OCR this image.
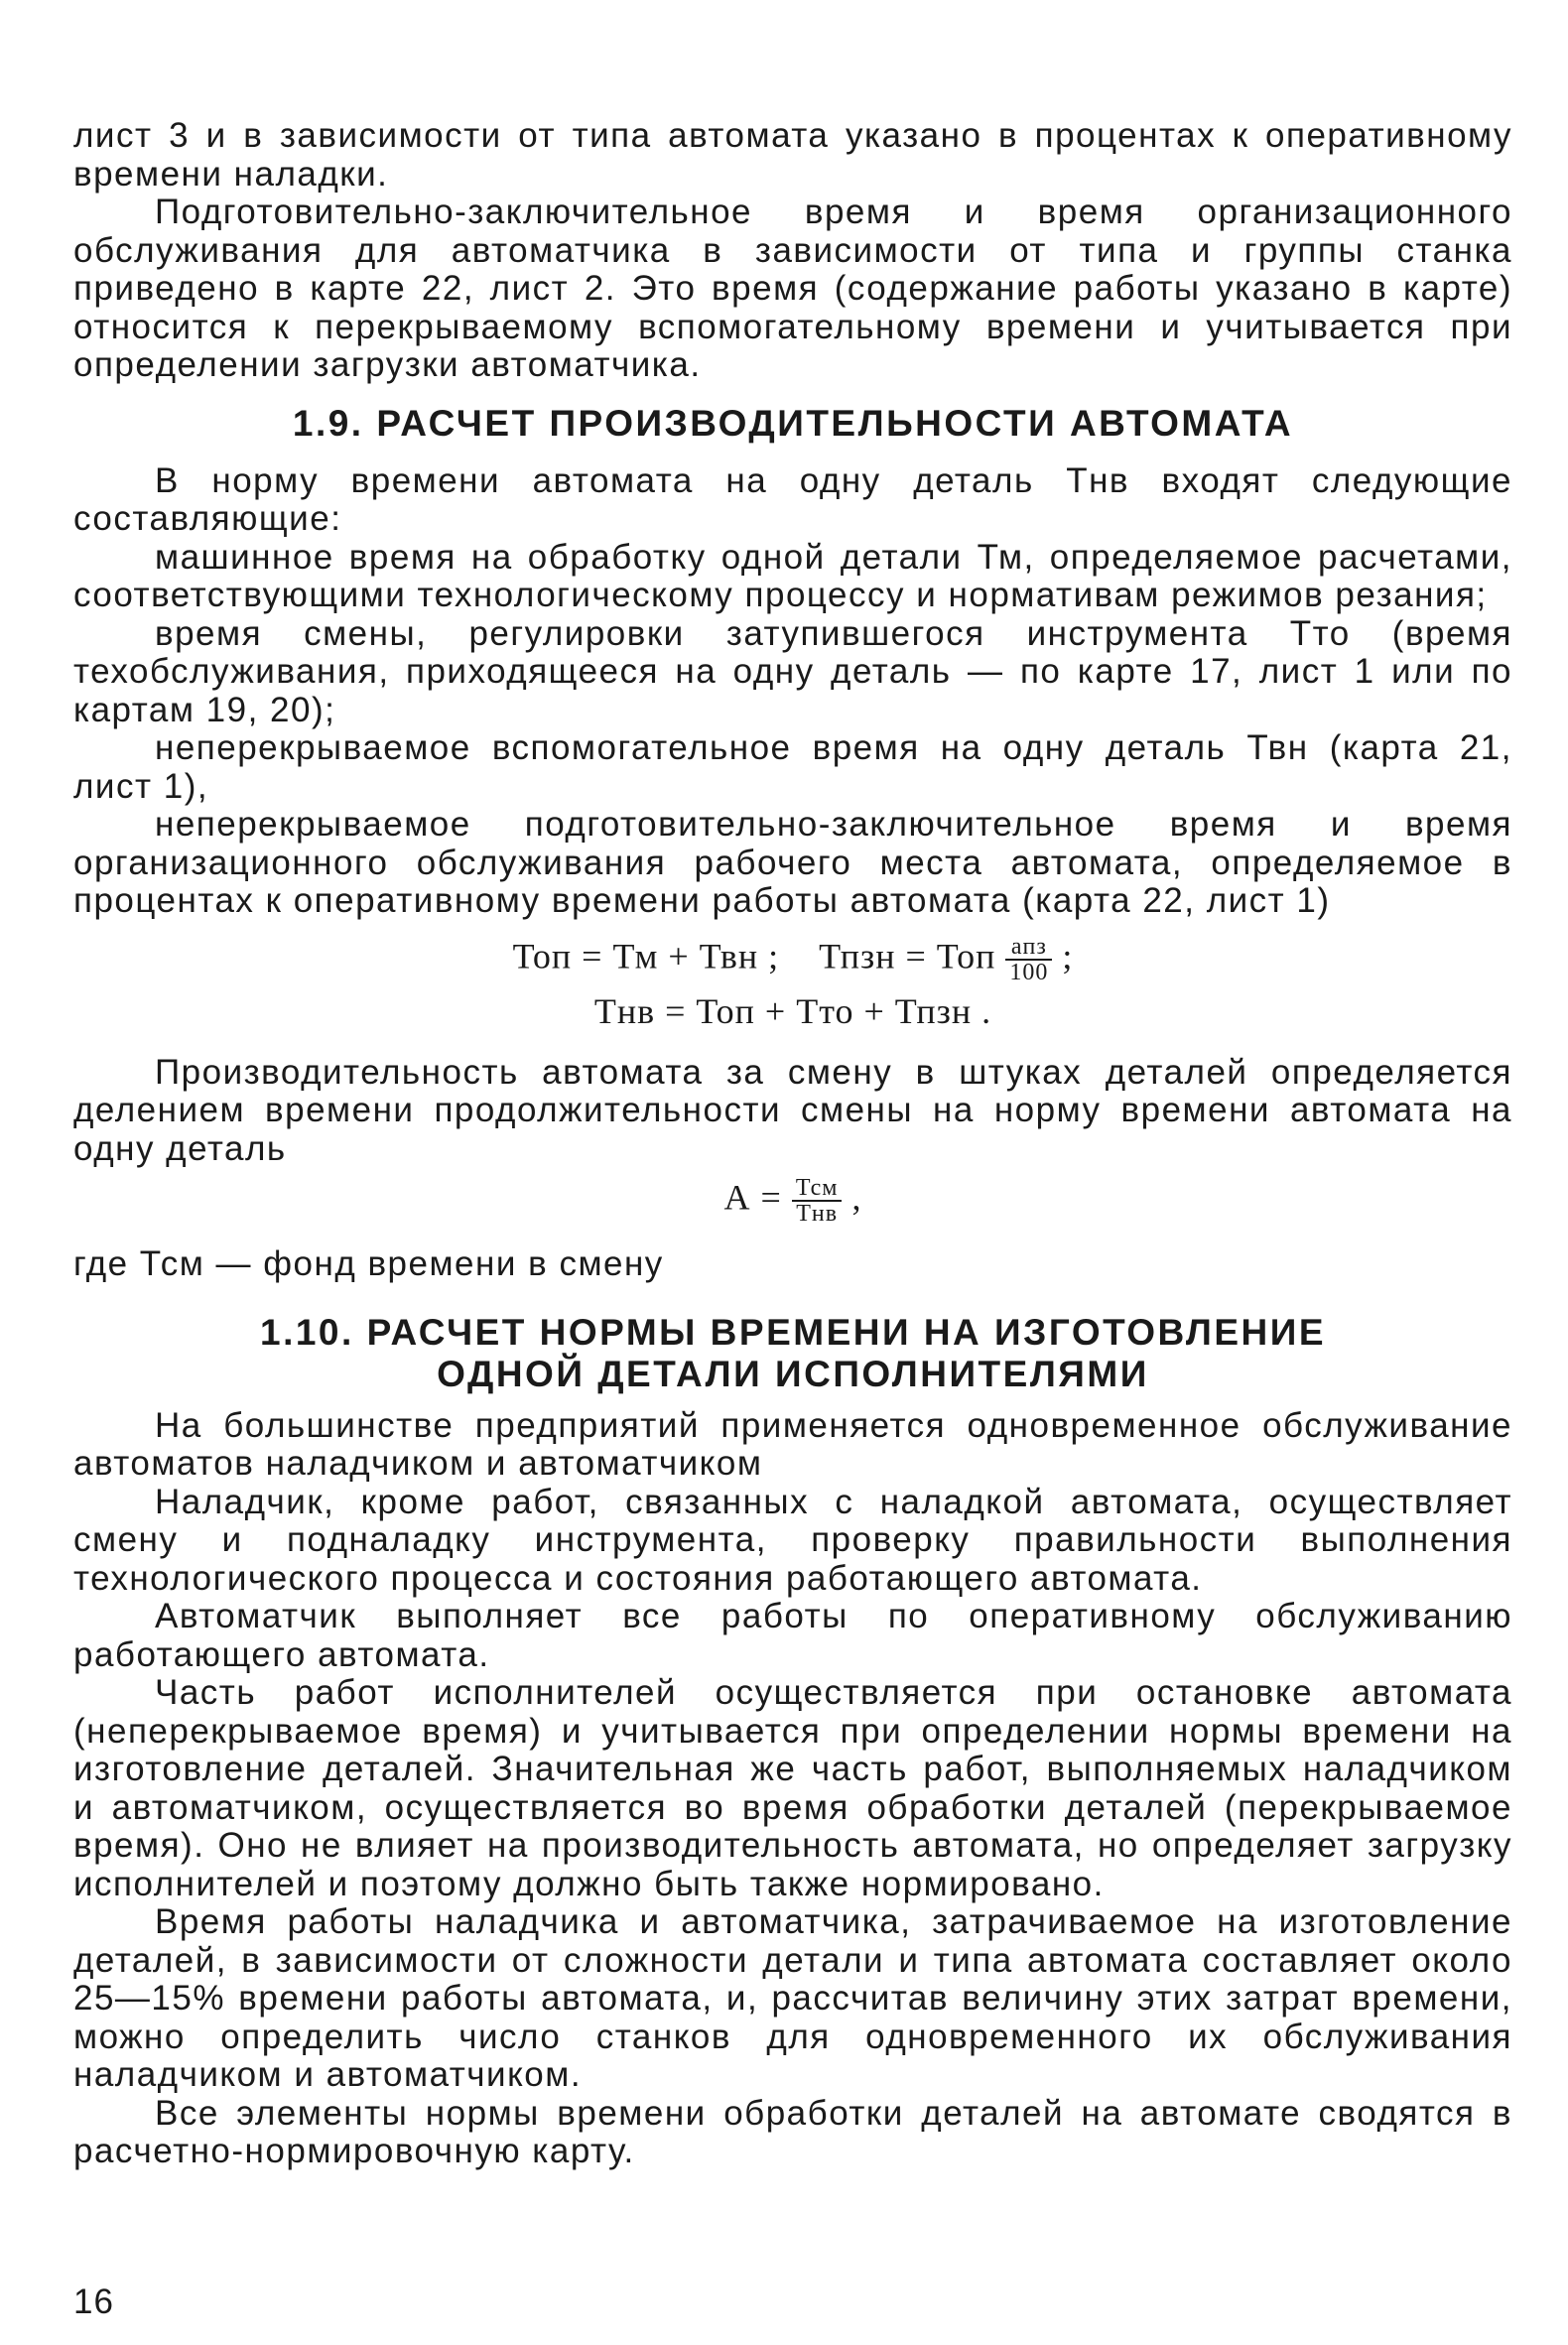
лист 3 и в зависимости от типа автомата указано в процентах к оперативному времени наладки.

Подготовительно-заключительное время и время организационного обслуживания для автоматчика в зависимости от типа и группы станка приведено в карте 22, лист 2. Это время (содержание работы указано в карте) относится к перекрываемому вспомогательному времени и учитывается при определении загрузки автоматчика.

1.9. РАСЧЕТ ПРОИЗВОДИТЕЛЬНОСТИ АВТОМАТА

В норму времени автомата на одну деталь Тнв входят следующие составляющие:

машинное время на обработку одной детали Тм, определяемое расчетами, соответствующими технологическому процессу и нормативам режимов резания;

время смены, регулировки затупившегося инструмента Тто (время техобслуживания, приходящееся на одну деталь — по карте 17, лист 1 или по картам 19, 20);

неперекрываемое вспомогательное время на одну деталь Твн (карта 21, лист 1),

неперекрываемое подготовительно-заключительное время и время организационного обслуживания рабочего места автомата, определяемое в процентах к оперативному времени работы автомата (карта 22, лист 1)

Топ = Тм + Твн ; Тпзн = Топ $\frac{\text{aпз}}{100}$ ;
Тнв = Топ + Тто + Тпзн .

Производительность автомата за смену в штуках деталей определяется делением времени продолжительности смены на норму времени автомата на одну деталь

$А = \frac{\text{Тсм}}{\text{Тнв}}$ ,

где Тсм — фонд времени в смену

1.10. РАСЧЕТ НОРМЫ ВРЕМЕНИ НА ИЗГОТОВЛЕНИЕ
ОДНОЙ ДЕТАЛИ ИСПОЛНИТЕЛЯМИ

На большинстве предприятий применяется одновременное обслуживание автоматов наладчиком и автоматчиком

Наладчик, кроме работ, связанных с наладкой автомата, осуществляет смену и подналадку инструмента, проверку правильности выполнения технологического процесса и состояния работающего автомата.

Автоматчик выполняет все работы по оперативному обслуживанию работающего автомата.

Часть работ исполнителей осуществляется при остановке автомата (неперекрываемое время) и учитывается при определении нормы времени на изготовление деталей. Значительная же часть работ, выполняемых наладчиком и автоматчиком, осуществляется во время обработки деталей (перекрываемое время). Оно не влияет на производительность автомата, но определяет загрузку исполнителей и поэтому должно быть также нормировано.

Время работы наладчика и автоматчика, затрачиваемое на изготовление деталей, в зависимости от сложности детали и типа автомата составляет около 25—15% времени работы автомата, и, рассчитав величину этих затрат времени, можно определить число станков для одновременного их обслуживания наладчиком и автоматчиком.

Все элементы нормы времени обработки деталей на автомате сводятся в расчетно-нормировочную карту.

16
